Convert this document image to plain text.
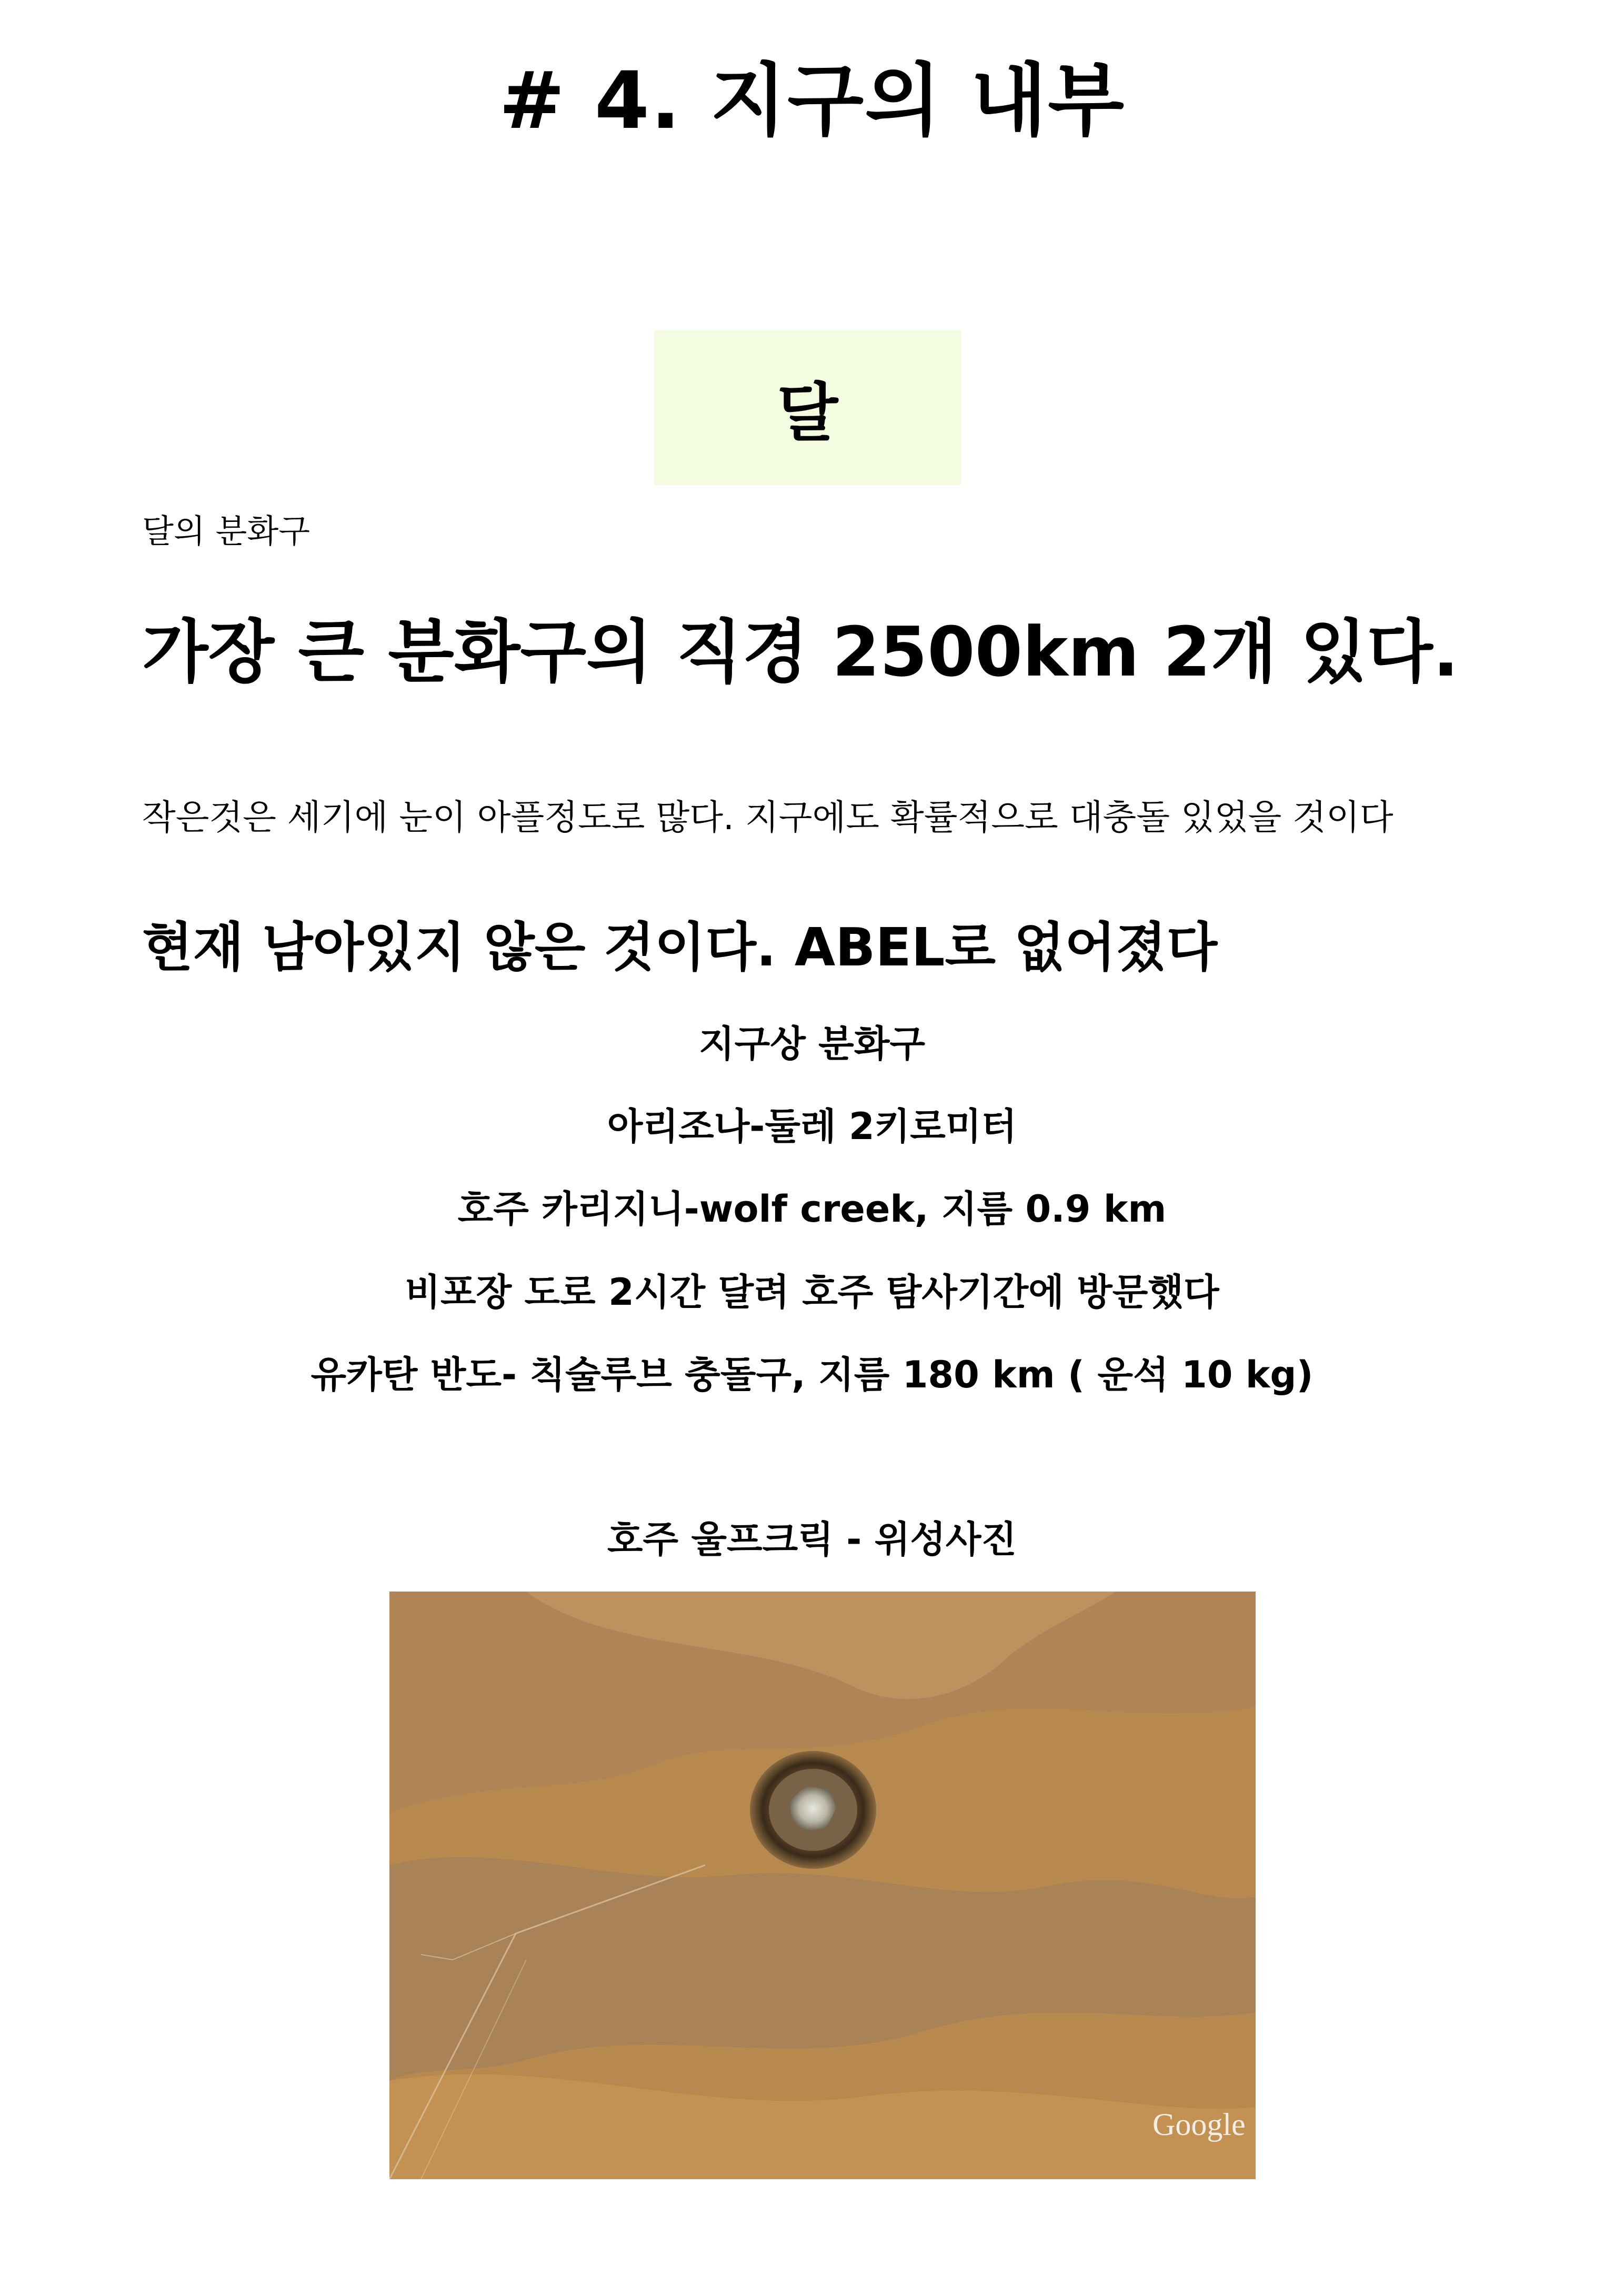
# 4. 지구의 내부
달
달의 분화구
가장 큰 분화구의 직경 2500km 2개 있다.
작은것은 세기에 눈이 아플정도로 많다. 지구에도 확률적으로 대충돌 있었을 것이다
현재 남아있지 않은 것이다. ABEL로 없어졌다
지구상 분화구
아리조나-둘레 2키로미터
호주 카리지니-wolf creek, 지름 0.9 km
비포장 도로 2시간 달려 호주 탐사기간에 방문했다
유카탄 반도- 칙술루브 충돌구, 지름 180 km ( 운석 10 kg)
호주 울프크릭 - 위성사진
Google
